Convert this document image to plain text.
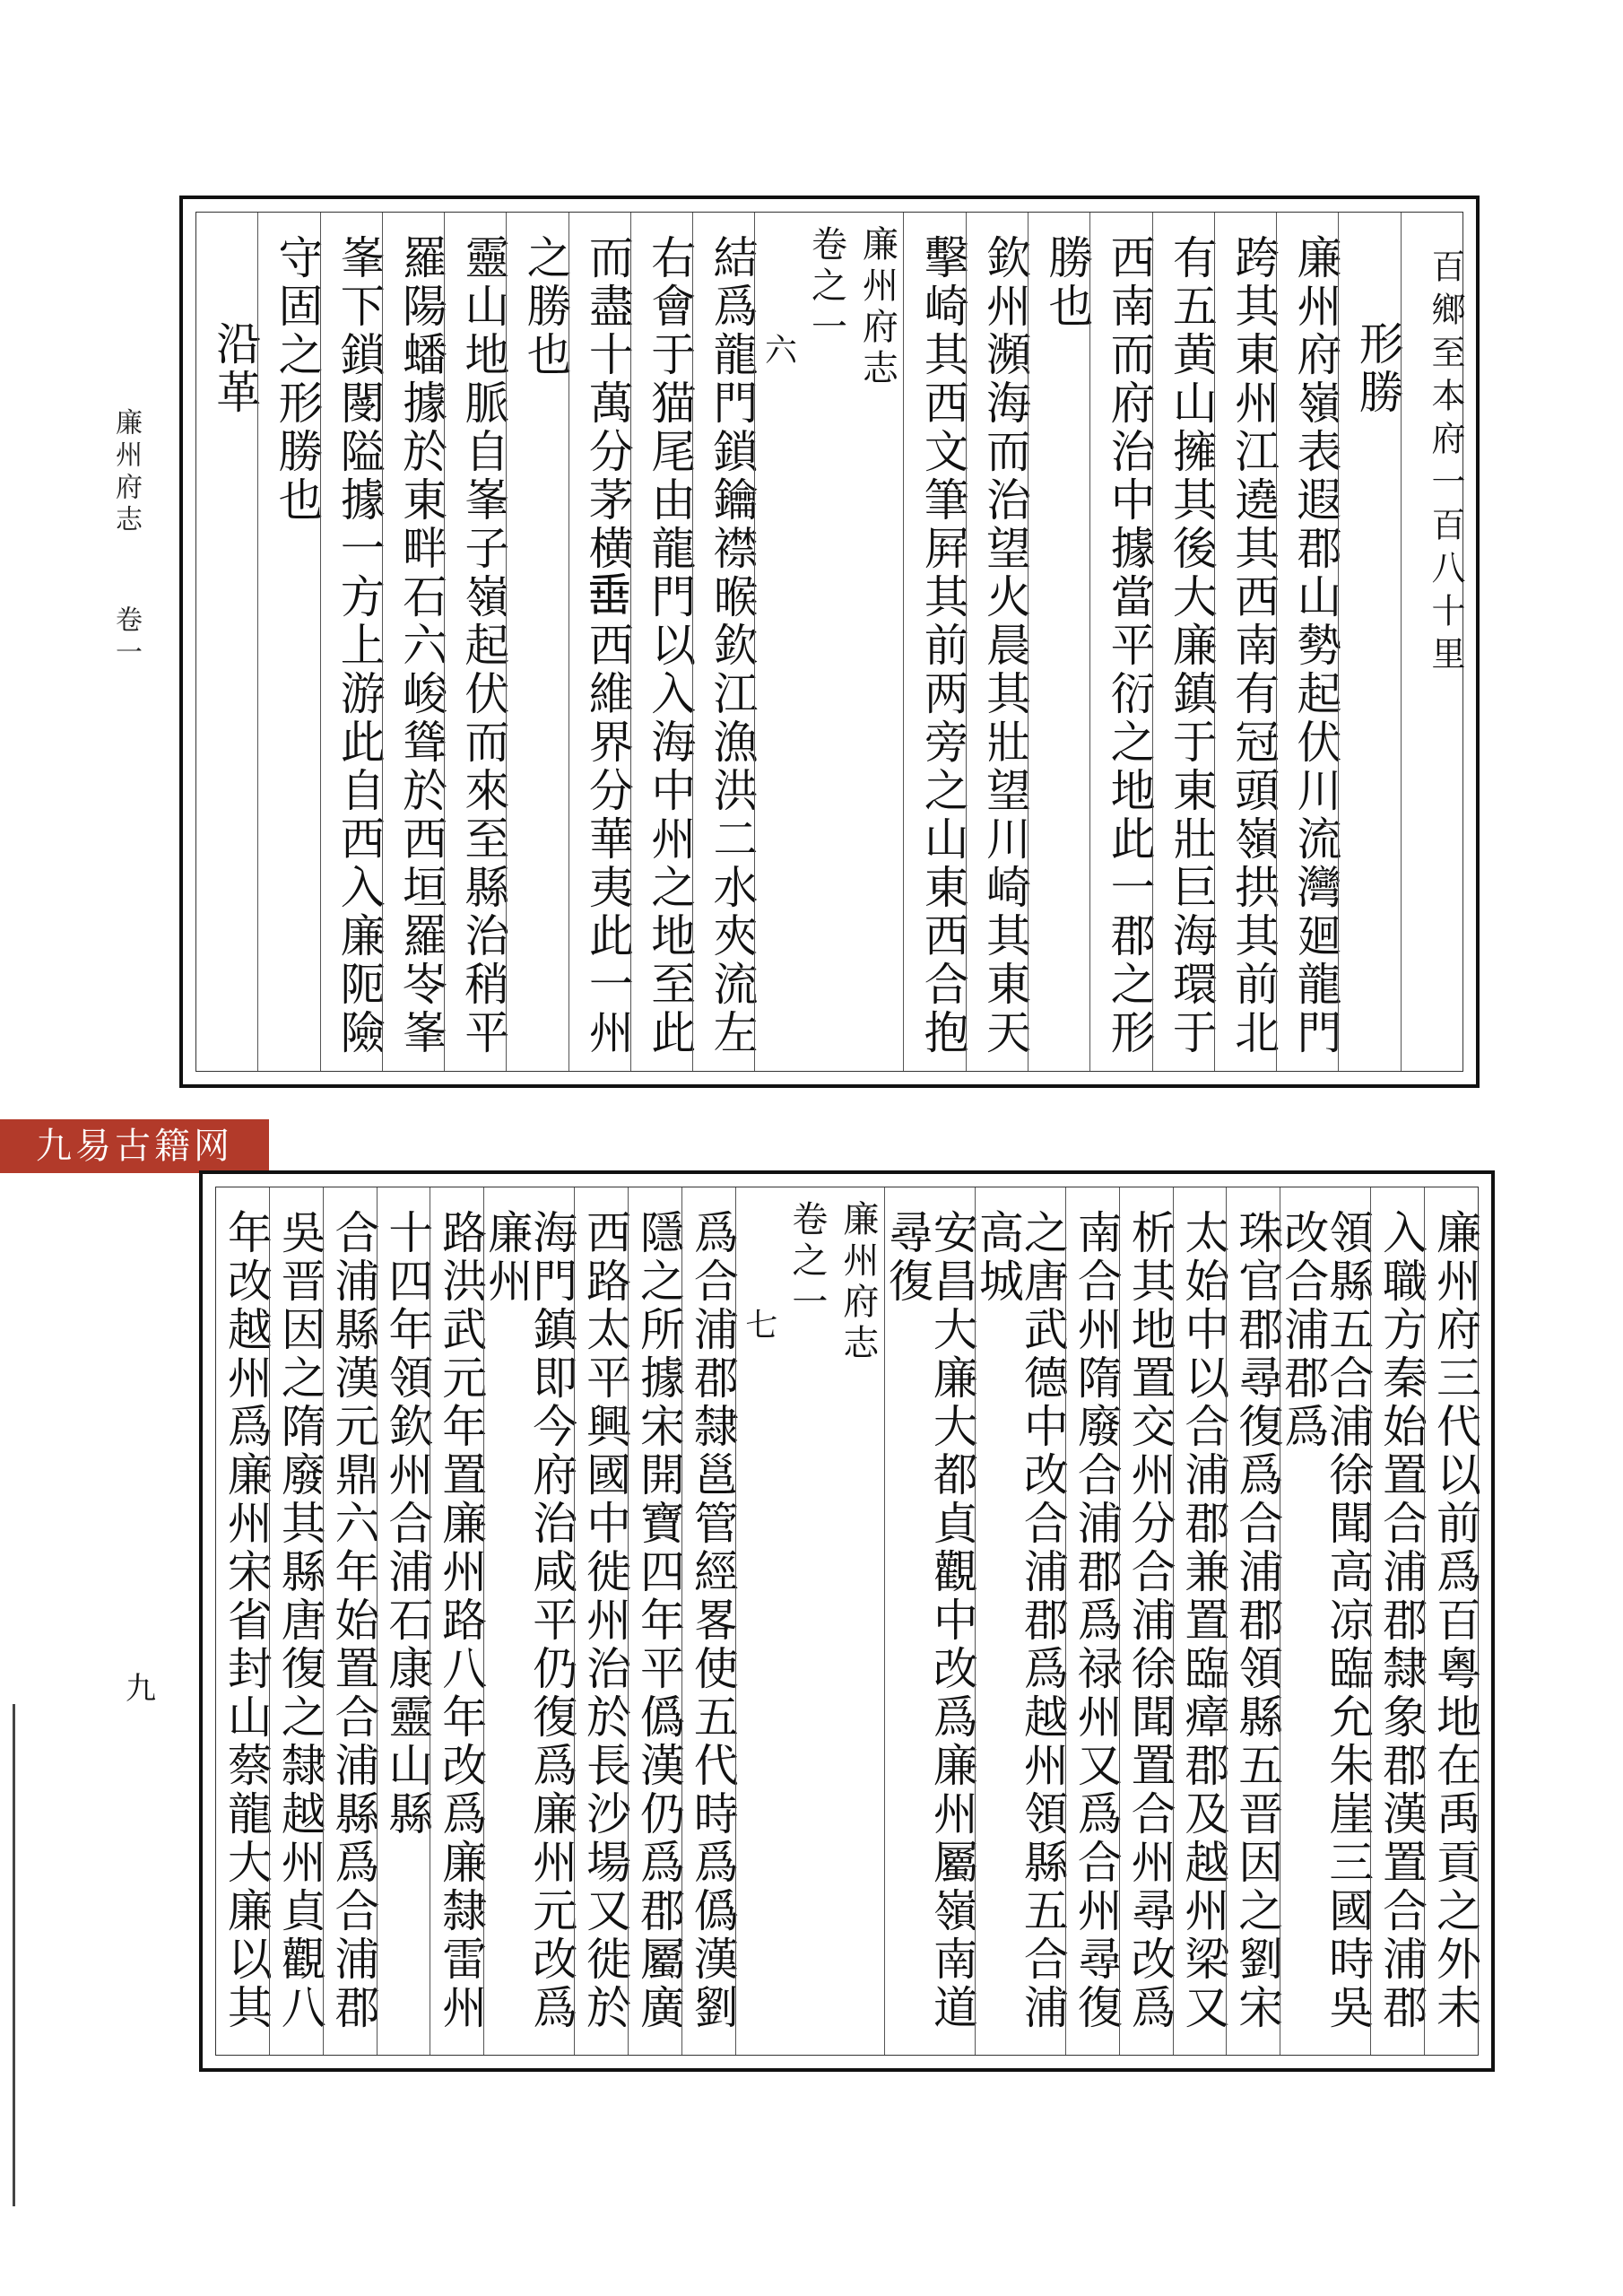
廉州府志 卷一
九
九易古籍网
百鄉至本府一百八十里
形勝
廉州府嶺表遐郡山勢起伏川流灣廻龍門
跨其東州江遶其西南有冠頭嶺拱其前北
有五黄山擁其後大廉鎮于東壯巨海環于
西南而府治中據當平衍之地此一郡之形
勝也
欽州瀕海而治望火晨其壯望川崎其東天
擊崎其西文筆屛其前两旁之山東西合抱
廉州府志
卷之一
六
結爲龍門鎖鑰襟㬋欽江漁洪二水夾流左
右會于猫尾由龍門以入海中州之地至此
而盡十萬分茅横𡸁西維界分華夷此一州
之勝也
靈山地脈自峯子嶺起伏而來至縣治稍平
羅陽蟠據於東畔石六峻聳於西垣羅岺峯
峯下鎖閿隘據一方上游此自西入廉阨險
守固之形勝也
沿革
廉州府三代以前爲百粵地在禹貢之外未
入職方秦始置合浦郡隸象郡漢置合浦郡
領縣五合浦徐聞高凉臨允朱崖三國時吳改合浦郡爲
珠官郡尋復爲合浦郡領縣五晋因之劉宋
太始中以合浦郡兼置臨瘴郡及越州梁又
析其地置交州分合浦徐聞置合州尋改爲
南合州隋廢合浦郡爲禄州又爲合州尋復
之唐武德中改合浦郡爲越州領縣五合浦高城
安昌大廉大都貞觀中改爲廉州屬嶺南道尋復
廉州府志
卷之一
七
爲合浦郡隸邕管經畧使五代時爲僞漢劉
隱之所據宋開寶四年平僞漢仍爲郡屬廣
西路太平興國中徙州治於長沙場又徙於
海門鎮即今府治咸平仍復爲廉州元改爲廉州
路洪武元年置廉州路八年改爲廉隸雷州
十四年領欽州合浦石康靈山縣
合浦縣漢元鼎六年始置合浦縣爲合浦郡
吳晋因之隋廢其縣唐復之隸越州貞觀八
年改越州爲廉州宋省封山蔡龍大廉以其
